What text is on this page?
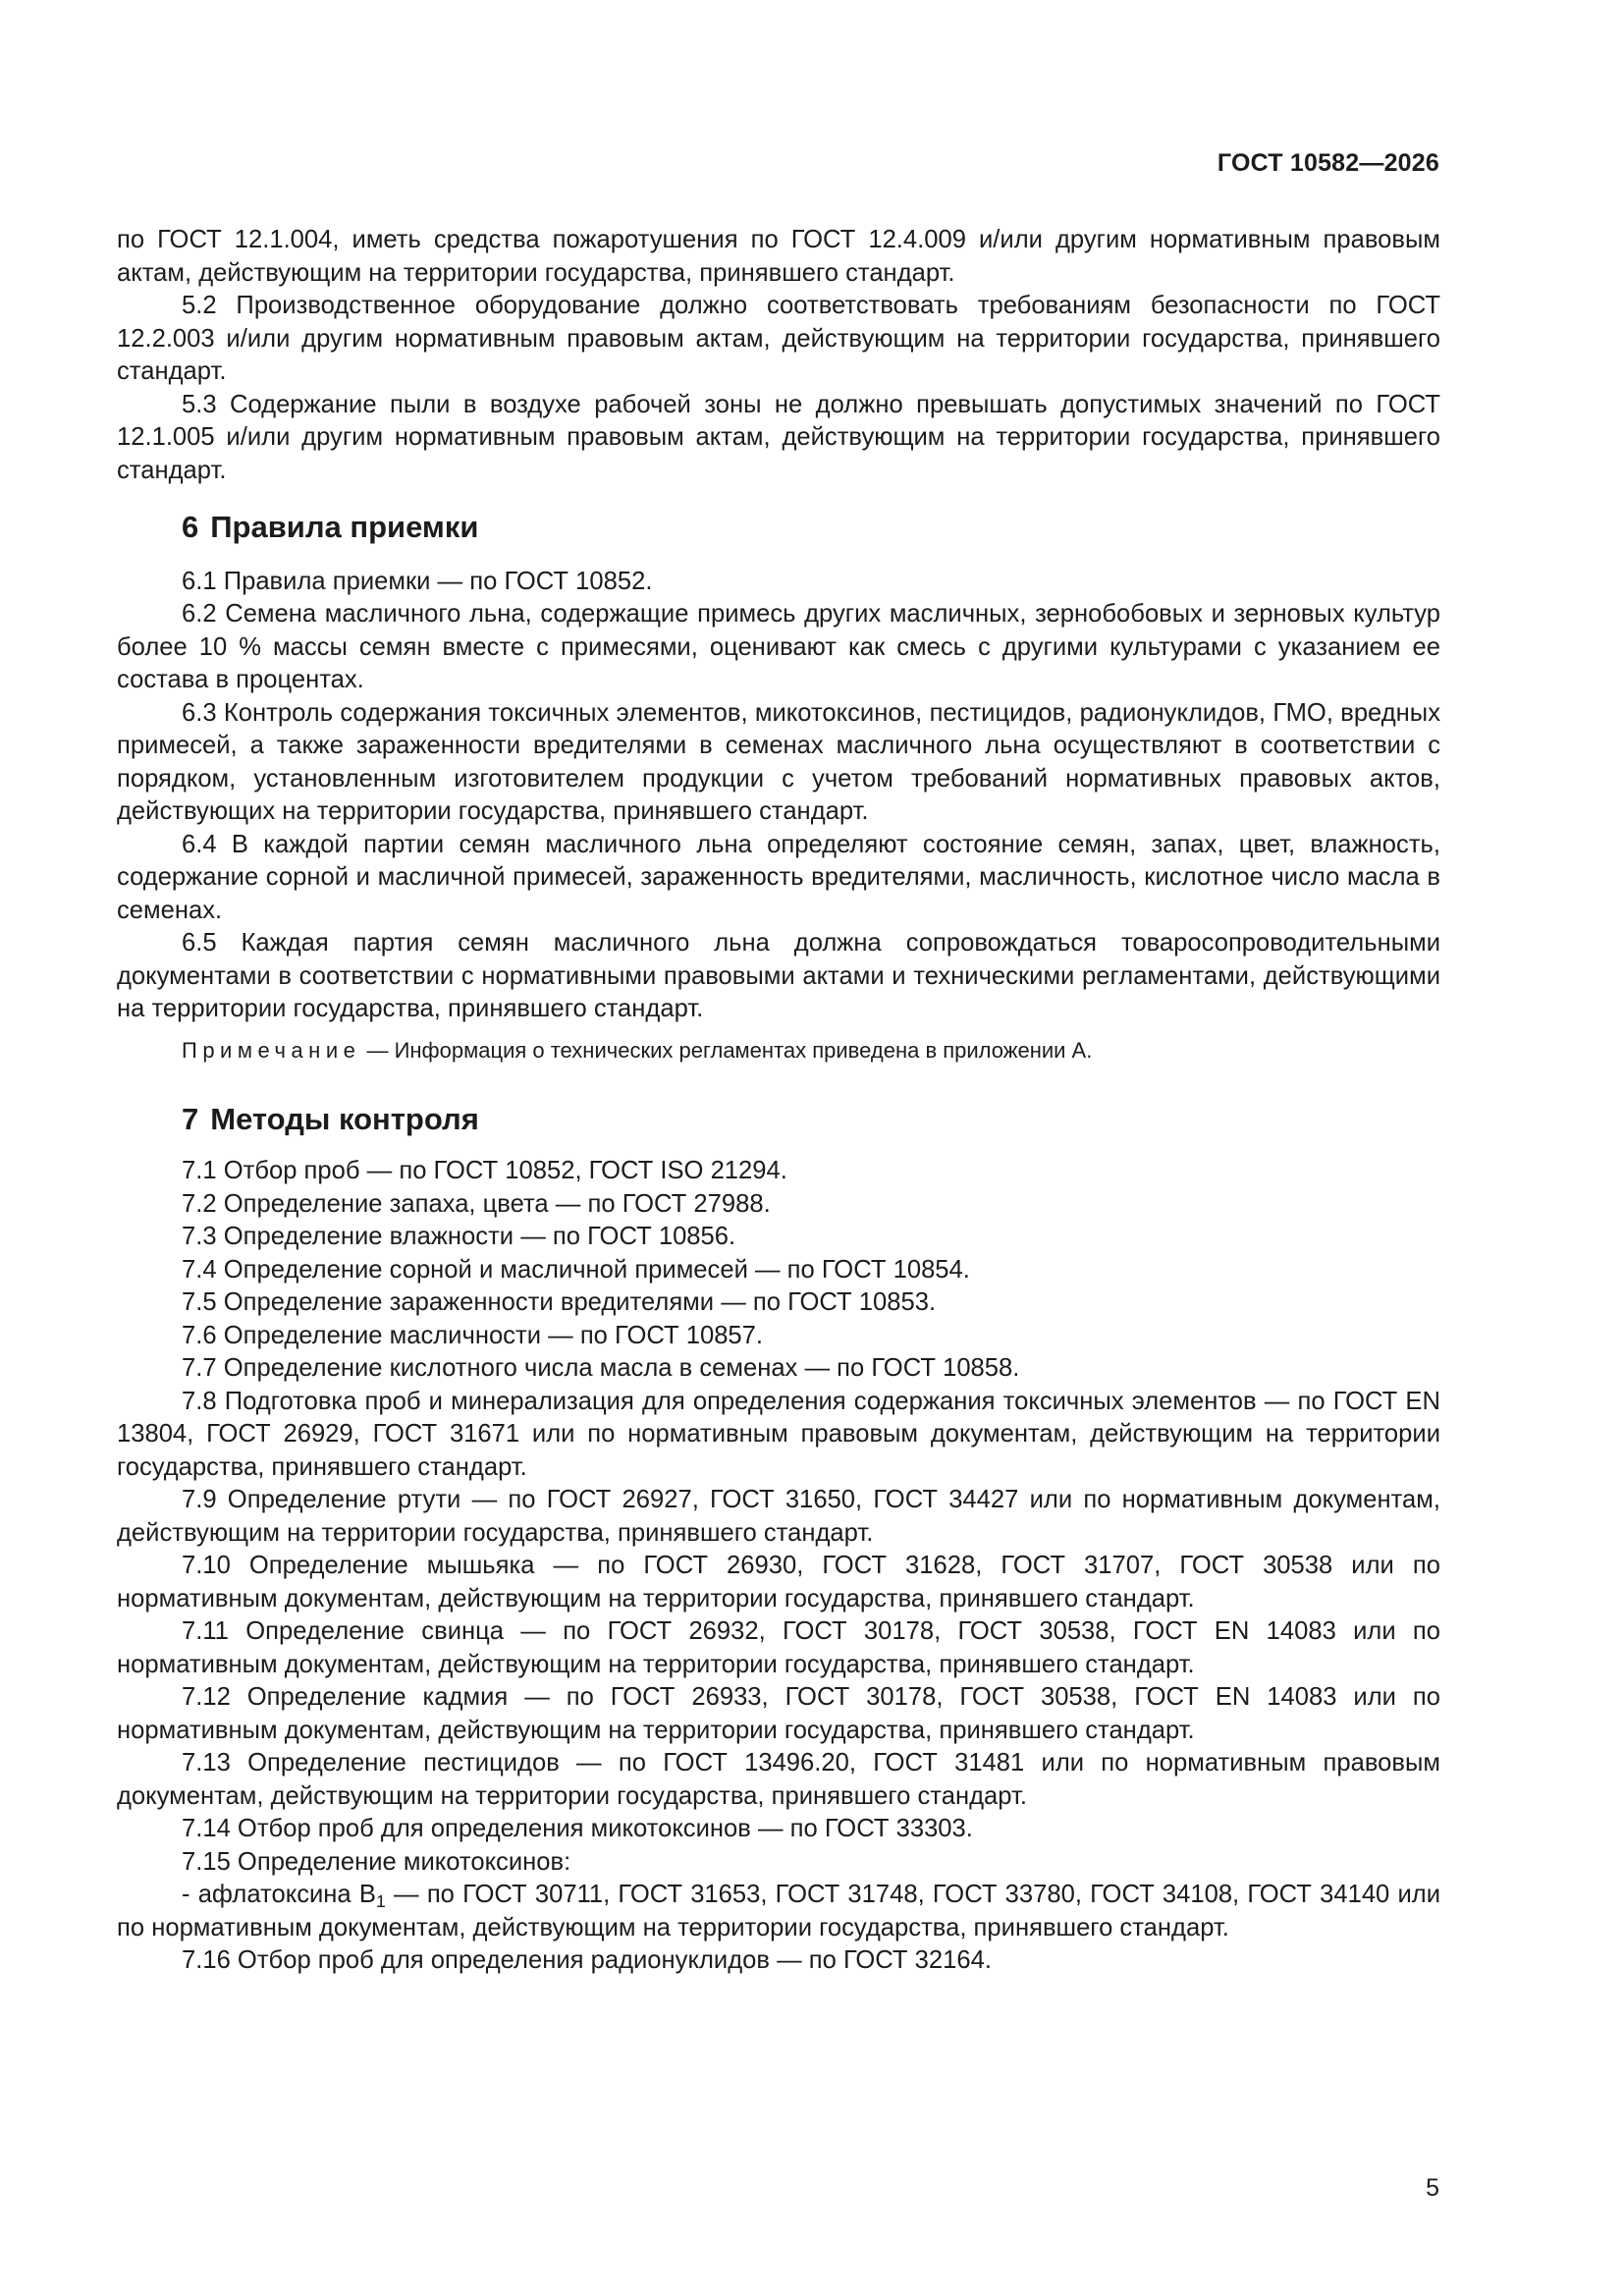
ГОСТ 10582—2026

по ГОСТ 12.1.004, иметь средства пожаротушения по ГОСТ 12.4.009 и/или другим нормативным правовым актам, действующим на территории государства, принявшего стандарт.

5.2 Производственное оборудование должно соответствовать требованиям безопасности по ГОСТ 12.2.003 и/или другим нормативным правовым актам, действующим на территории государства, принявшего стандарт.

5.3 Содержание пыли в воздухе рабочей зоны не должно превышать допустимых значений по ГОСТ 12.1.005 и/или другим нормативным правовым актам, действующим на территории государства, принявшего стандарт.

6 Правила приемки

6.1 Правила приемки — по ГОСТ 10852.

6.2 Семена масличного льна, содержащие примесь других масличных, зернобобовых и зерновых культур более 10 % массы семян вместе с примесями, оценивают как смесь с другими культурами с указанием ее состава в процентах.

6.3 Контроль содержания токсичных элементов, микотоксинов, пестицидов, радионуклидов, ГМО, вредных примесей, а также зараженности вредителями в семенах масличного льна осуществляют в соответствии с порядком, установленным изготовителем продукции с учетом требований нормативных правовых актов, действующих на территории государства, принявшего стандарт.

6.4 В каждой партии семян масличного льна определяют состояние семян, запах, цвет, влажность, содержание сорной и масличной примесей, зараженность вредителями, масличность, кислотное число масла в семенах.

6.5 Каждая партия семян масличного льна должна сопровождаться товаросопроводительными документами в соответствии с нормативными правовыми актами и техническими регламентами, действующими на территории государства, принявшего стандарт.

Примечание — Информация о технических регламентах приведена в приложении А.

7 Методы контроля

7.1 Отбор проб — по ГОСТ 10852, ГОСТ ISO 21294.

7.2 Определение запаха, цвета — по ГОСТ 27988.

7.3 Определение влажности — по ГОСТ 10856.

7.4 Определение сорной и масличной примесей — по ГОСТ 10854.

7.5 Определение зараженности вредителями — по ГОСТ 10853.

7.6 Определение масличности — по ГОСТ 10857.

7.7 Определение кислотного числа масла в семенах — по ГОСТ 10858.

7.8 Подготовка проб и минерализация для определения содержания токсичных элементов — по ГОСТ EN 13804, ГОСТ 26929, ГОСТ 31671 или по нормативным правовым документам, действующим на территории государства, принявшего стандарт.

7.9 Определение ртути — по ГОСТ 26927, ГОСТ 31650, ГОСТ 34427 или по нормативным документам, действующим на территории государства, принявшего стандарт.

7.10 Определение мышьяка — по ГОСТ 26930, ГОСТ 31628, ГОСТ 31707, ГОСТ 30538 или по нормативным документам, действующим на территории государства, принявшего стандарт.

7.11 Определение свинца — по ГОСТ 26932, ГОСТ 30178, ГОСТ 30538, ГОСТ EN 14083 или по нормативным документам, действующим на территории государства, принявшего стандарт.

7.12 Определение кадмия — по ГОСТ 26933, ГОСТ 30178, ГОСТ 30538, ГОСТ EN 14083 или по нормативным документам, действующим на территории государства, принявшего стандарт.

7.13 Определение пестицидов — по ГОСТ 13496.20, ГОСТ 31481 или по нормативным правовым документам, действующим на территории государства, принявшего стандарт.

7.14 Отбор проб для определения микотоксинов — по ГОСТ 33303.

7.15 Определение микотоксинов:

- афлатоксина $B_1$ — по ГОСТ 30711, ГОСТ 31653, ГОСТ 31748, ГОСТ 33780, ГОСТ 34108, ГОСТ 34140 или по нормативным документам, действующим на территории государства, принявшего стандарт.

7.16 Отбор проб для определения радионуклидов — по ГОСТ 32164.

5
